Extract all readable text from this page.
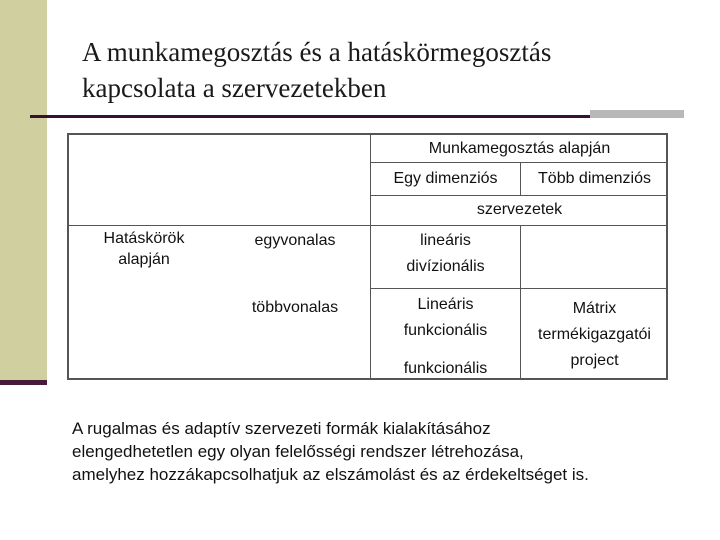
A munkamegosztás és a hatáskörmegosztás
kapcsolata a szervezetekben
Munkamegosztás alapján
Egy dimenziós	Több dimenziós
szervezetek
Hatáskörök
alapján
egyvonalas
többvonalas
lineáris
divízionális
Lineáris
funkcionális
funkcionális
Mátrix
termékigazgatói
project
A rugalmas és adaptív szervezeti formák kialakításához
elengedhetetlen egy olyan felelősségi rendszer létrehozása,
amelyhez hozzákapcsolhatjuk az elszámolást és az érdekeltséget is.
